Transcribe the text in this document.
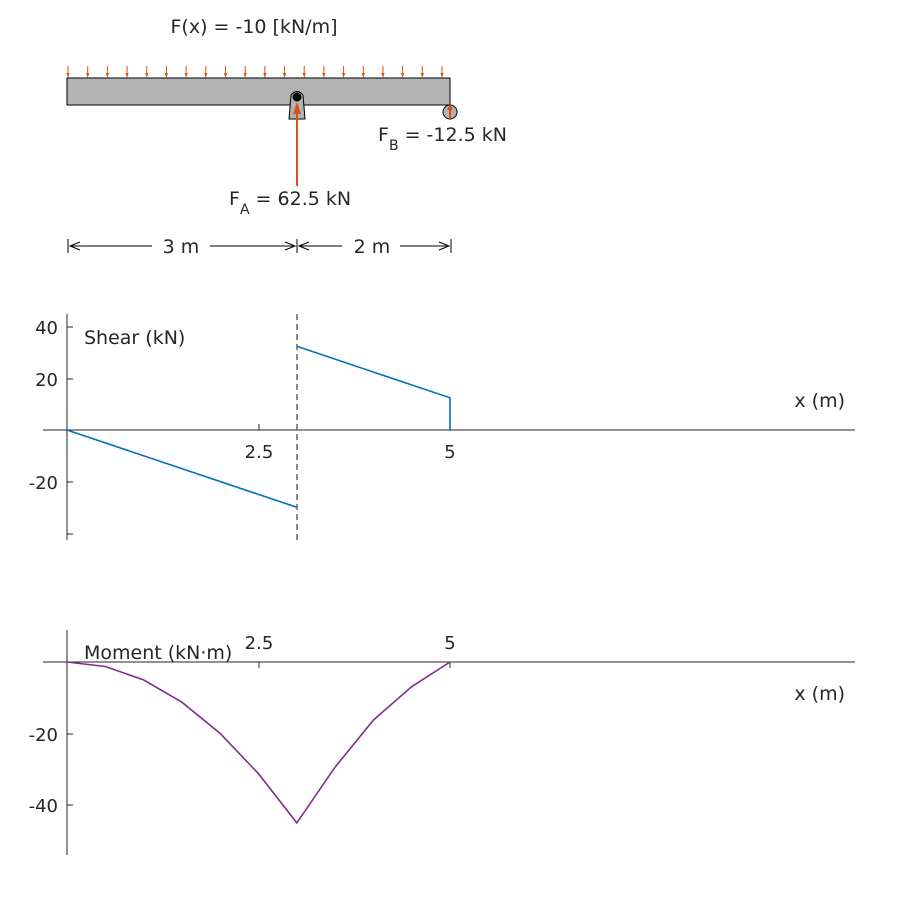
F(x) = -10 [kN/m]
$F_B = -12.5$ kN
$F_A = 62.5$ kN
3 m	2 m
40
20
-20
2.5	5
Shear (kN)
x (m)
-20
-40
2.5	5
Moment (kN·m)
x (m)
